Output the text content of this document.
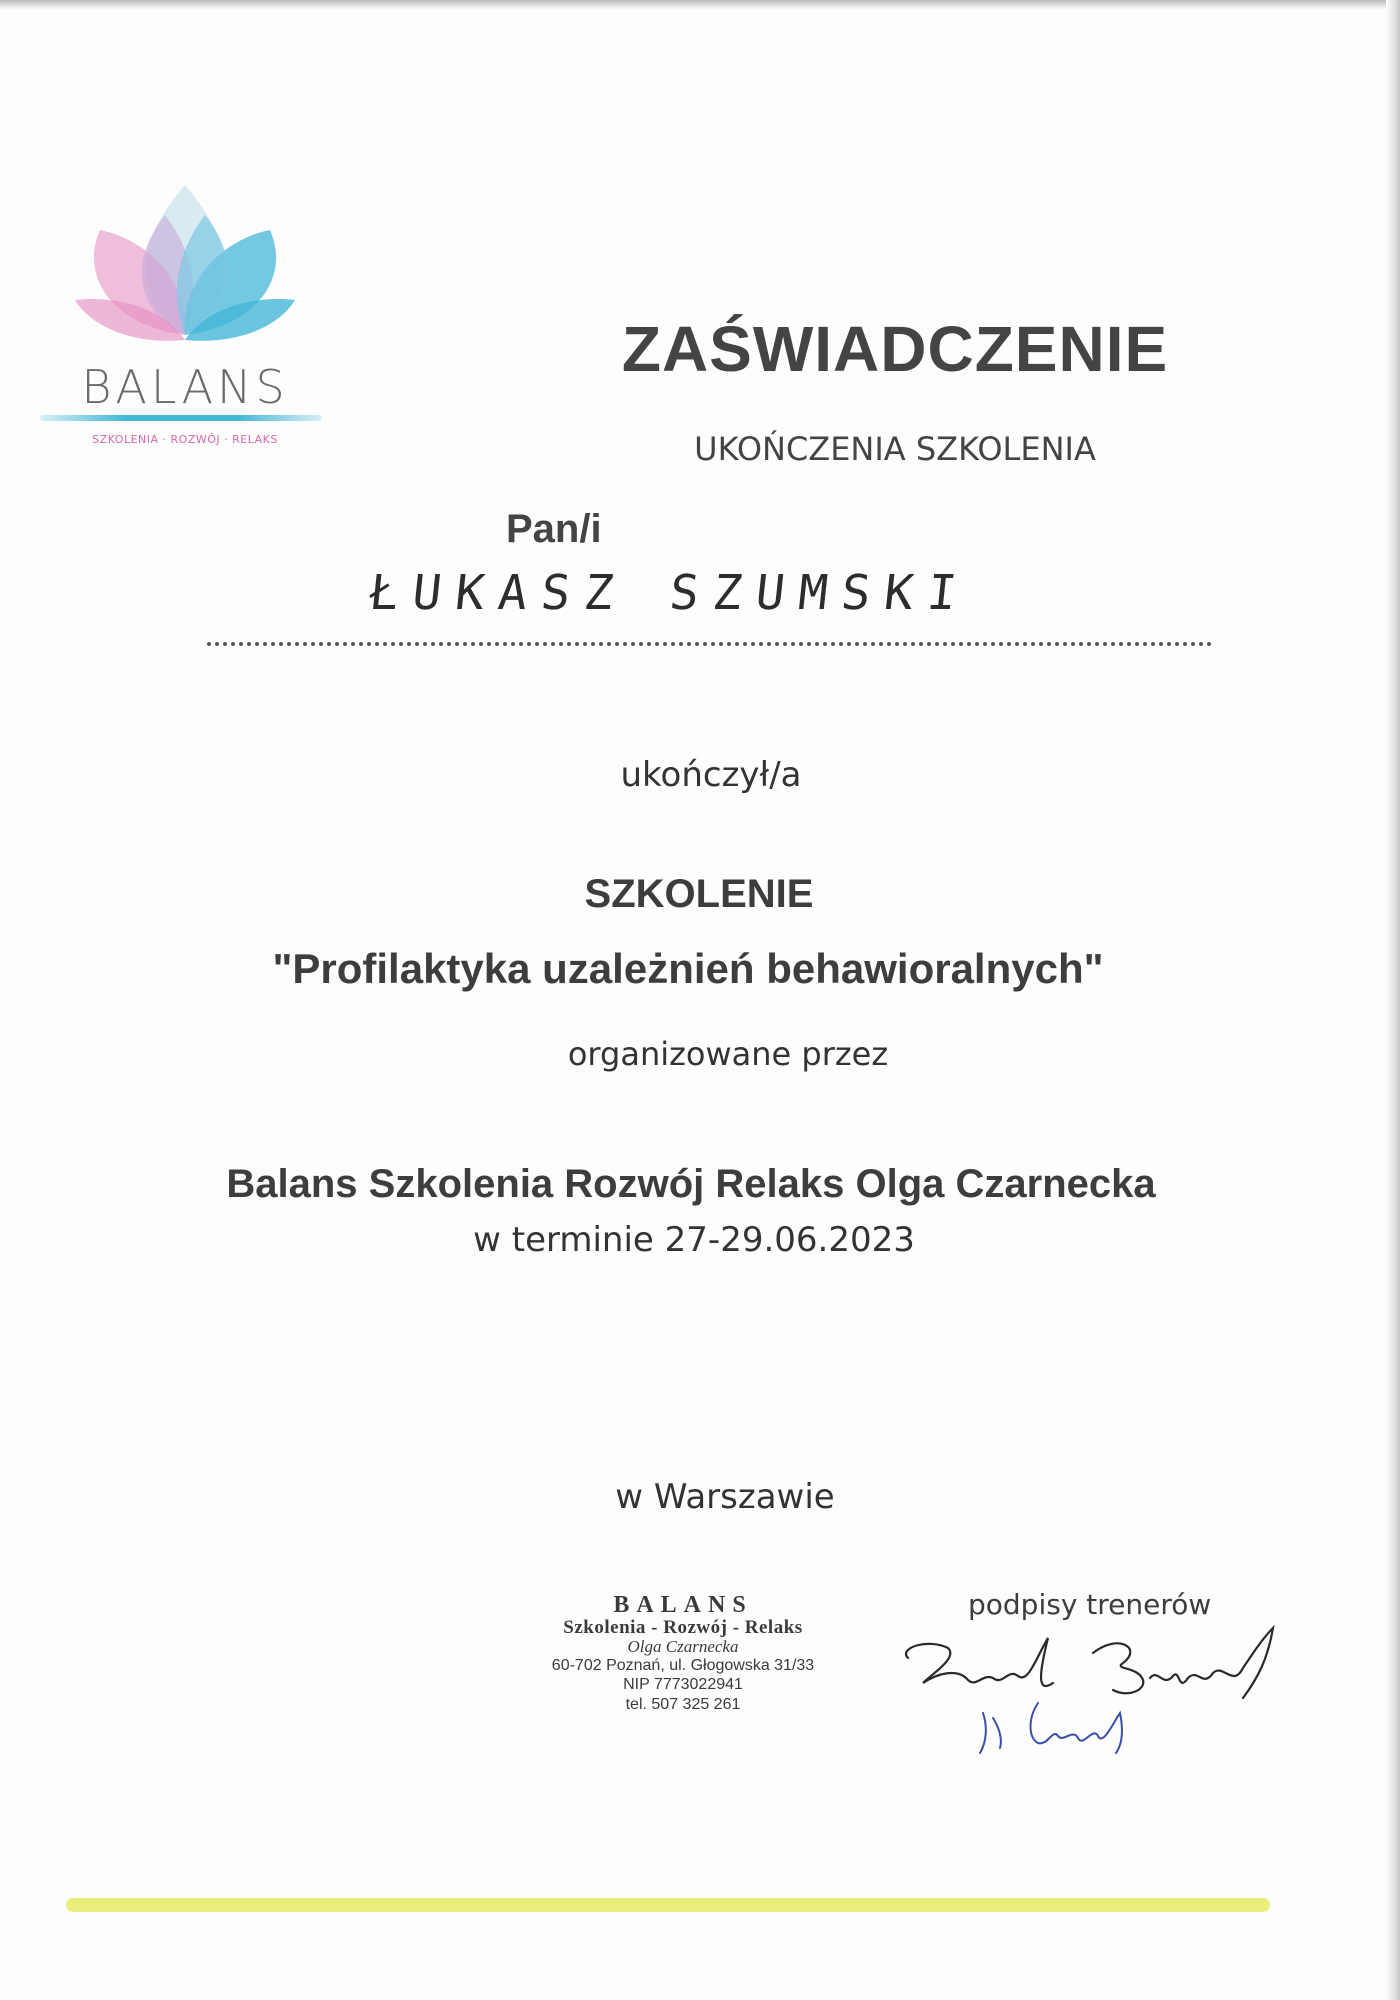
BALANS
SZKOLENIA · ROZWÓJ · RELAKS
ZAŚWIADCZENIE
UKOŃCZENIA SZKOLENIA
Pan/i
ŁUKASZ SZUMSKI
ukończył/a
SZKOLENIE
"Profilaktyka uzależnień behawioralnych"
organizowane przez
Balans Szkolenia Rozwój Relaks Olga Czarnecka
w terminie 27-29.06.2023
w Warszawie
BALANS
Szkolenia - Rozwój - Relaks
Olga Czarnecka
60-702 Poznań, ul. Głogowska 31/33
NIP 7773022941
tel. 507 325 261
podpisy trenerów
